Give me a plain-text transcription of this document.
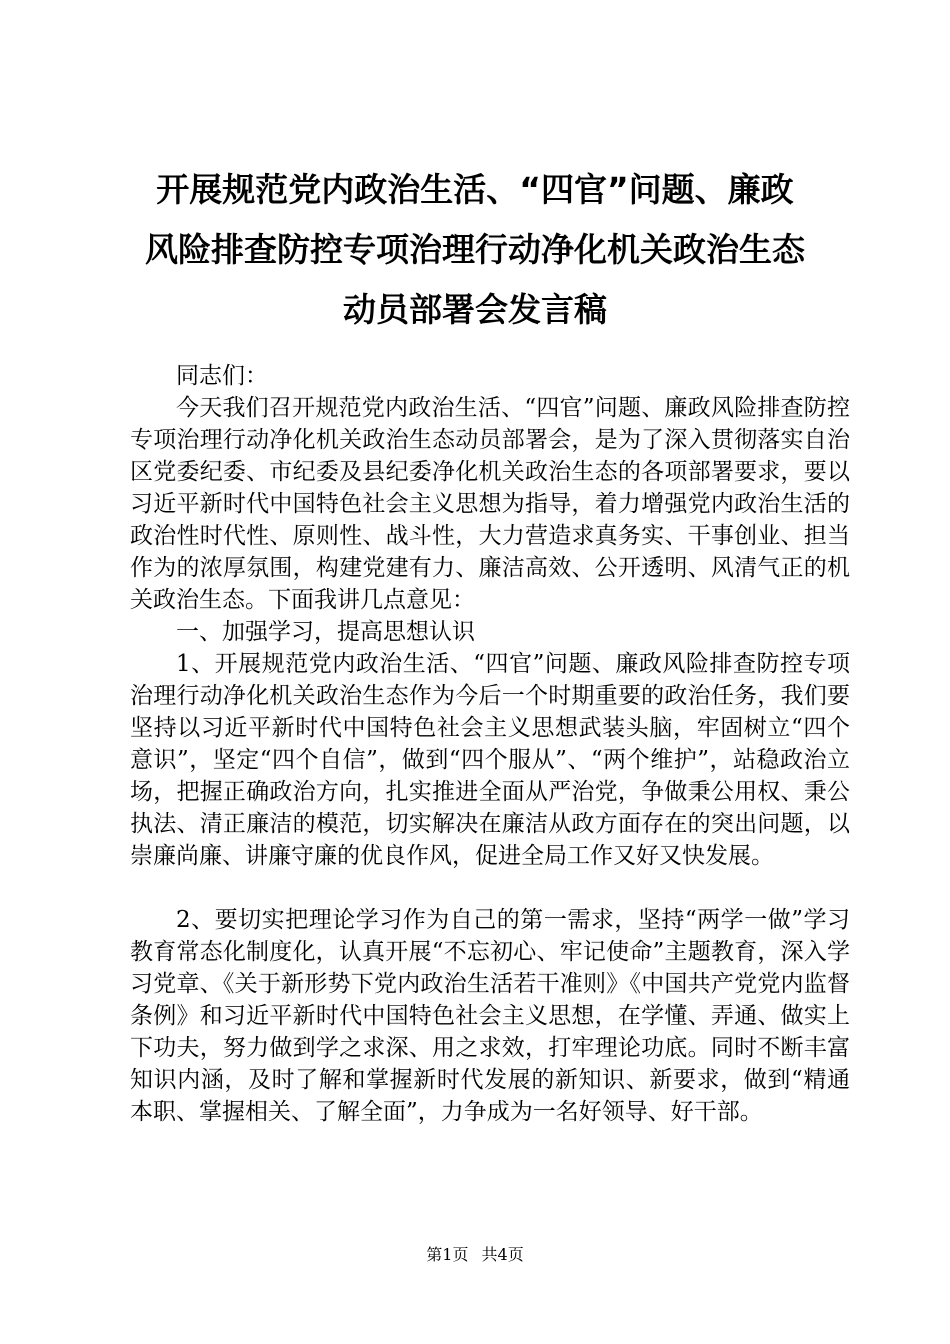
开展规范党内政治生活、“四官”问题、廉政
风险排查防控专项治理行动净化机关政治生态
动员部署会发言稿

同志们：

今天我们召开规范党内政治生活、“四官”问题、廉政风险排查防控专项治理行动净化机关政治生态动员部署会，是为了深入贯彻落实自治区党委纪委、市纪委及县纪委净化机关政治生态的各项部署要求，要以习近平新时代中国特色社会主义思想为指导，着力增强党内政治生活的政治性时代性、原则性、战斗性，大力营造求真务实、干事创业、担当作为的浓厚氛围，构建党建有力、廉洁高效、公开透明、风清气正的机关政治生态。下面我讲几点意见：

一、加强学习，提高思想认识

1、开展规范党内政治生活、“四官”问题、廉政风险排查防控专项治理行动净化机关政治生态作为今后一个时期重要的政治任务，我们要坚持以习近平新时代中国特色社会主义思想武装头脑，牢固树立“四个意识”，坚定“四个自信”，做到“四个服从”、“两个维护”，站稳政治立场，把握正确政治方向，扎实推进全面从严治党，争做秉公用权、秉公执法、清正廉洁的模范，切实解决在廉洁从政方面存在的突出问题，以崇廉尚廉、讲廉守廉的优良作风，促进全局工作又好又快发展。

2、要切实把理论学习作为自己的第一需求，坚持“两学一做”学习教育常态化制度化，认真开展“不忘初心、牢记使命”主题教育，深入学习党章、《关于新形势下党内政治生活若干准则》《中国共产党党内监督条例》和习近平新时代中国特色社会主义思想，在学懂、弄通、做实上下功夫，努力做到学之求深、用之求效，打牢理论功底。同时不断丰富知识内涵，及时了解和掌握新时代发展的新知识、新要求，做到“精通本职、掌握相关、了解全面”，力争成为一名好领导、好干部。

第1页 共4页
